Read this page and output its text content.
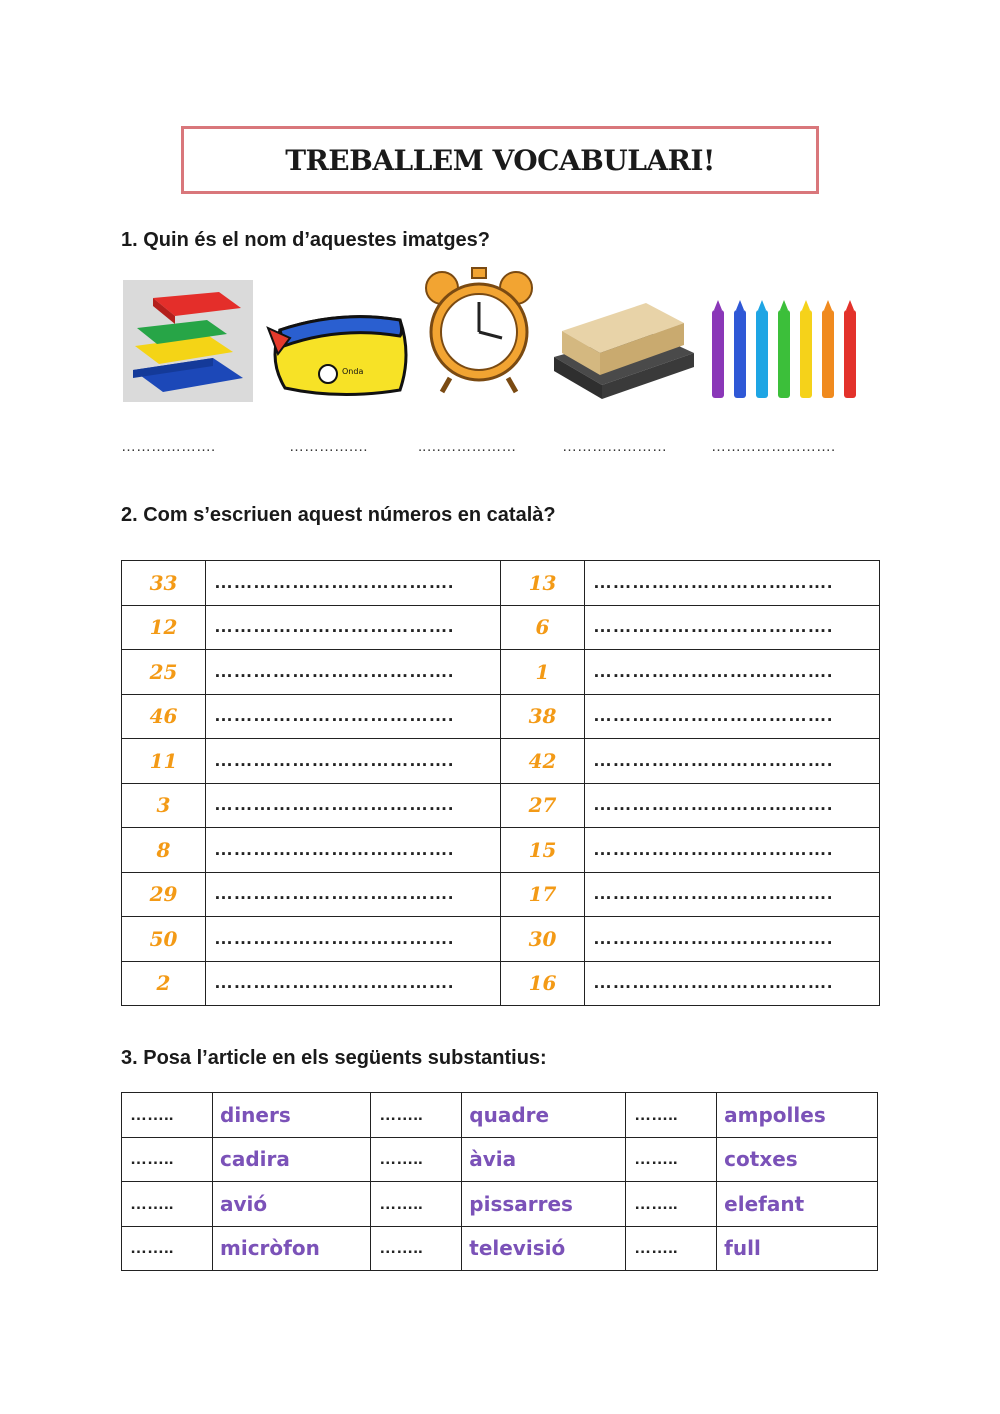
TREBALLEM VOCABULARI!
1. Quin és el nom d’aquestes imatges?
Onda
……………….	………….…	..………………	…………………	…………………….
2. Com s’escriuen aquest números en català?
33	……………………………….	13	……………………………….
12	……………………………….	6	……………………………….
25	……………………………….	1	……………………………….
46	……………………………….	38	……………………………….
11	……………………………….	42	……………………………….
3	……………………………….	27	……………………………….
8	……………………………….	15	……………………………….
29	……………………………….	17	……………………………….
50	……………………………….	30	……………………………….
2	……………………………….	16	……………………………….
3. Posa l’article en els següents substantius:
……..	diners	……..	quadre	……..	ampolles
……..	cadira	……..	àvia	……..	cotxes
……..	avió	……..	pissarres	……..	elefant
……..	micròfon	……..	televisió	……..	full
